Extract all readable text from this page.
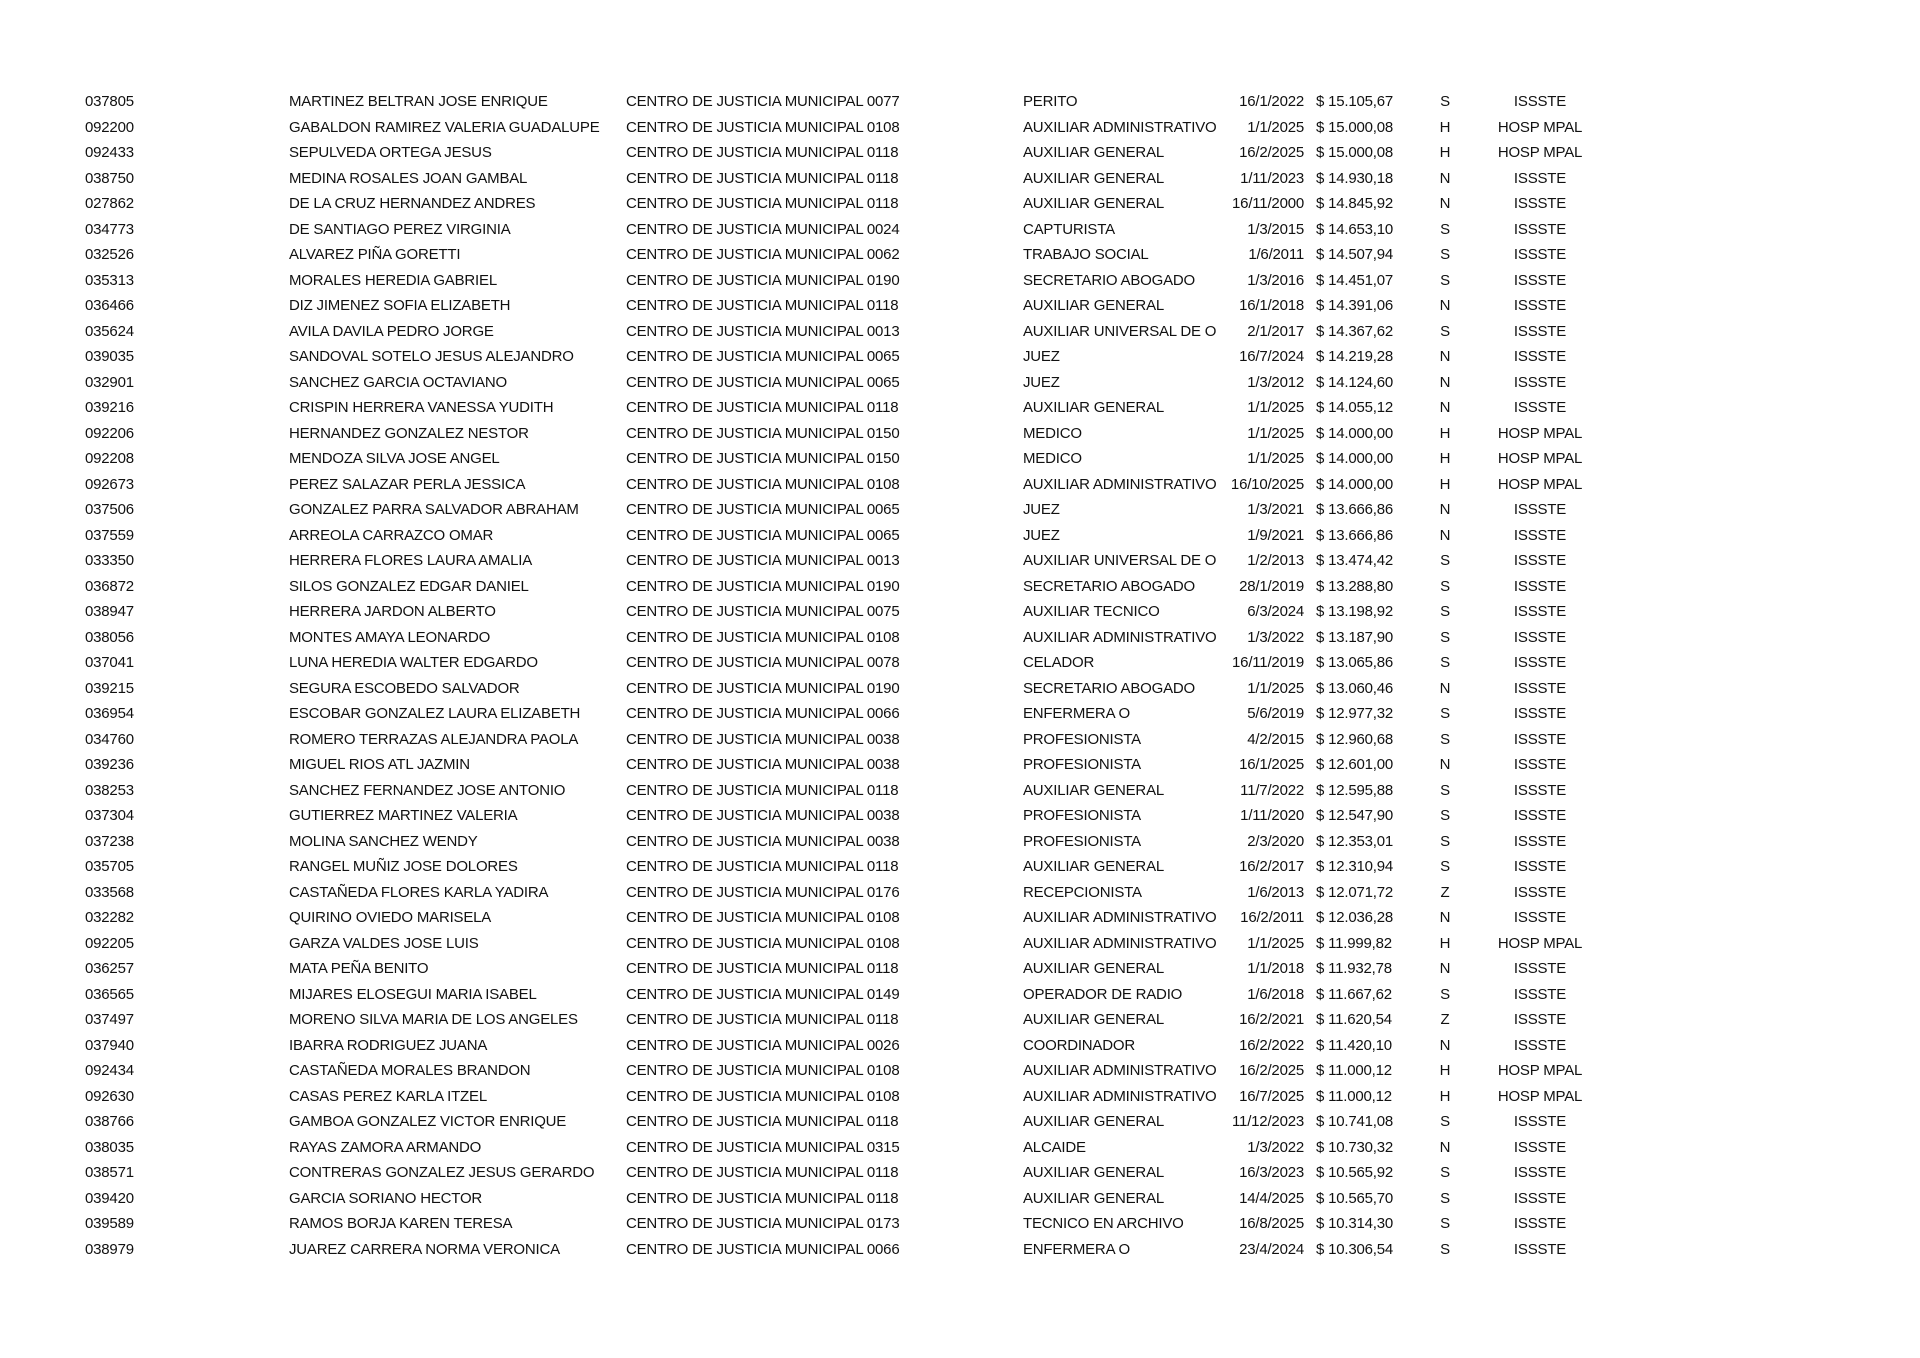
037805	MARTINEZ BELTRAN JOSE ENRIQUE	CENTRO DE JUSTICIA MUNICIPAL 0077	PERITO	16/1/2022 $ 15.105,67	S	ISSSTE
092200	GABALDON RAMIREZ VALERIA GUADALUPE CENTRO DE JUSTICIA MUNICIPAL 0108	AUXILIAR ADMINISTRATIVO	1/1/2025 $ 15.000,08	H	HOSP MPAL
092433	SEPULVEDA ORTEGA JESUS	CENTRO DE JUSTICIA MUNICIPAL 0118	AUXILIAR GENERAL	16/2/2025 $ 15.000,08	H	HOSP MPAL
038750	MEDINA ROSALES JOAN GAMBAL	CENTRO DE JUSTICIA MUNICIPAL 0118	AUXILIAR GENERAL	1/11/2023 $ 14.930,18	N	ISSSTE
027862	DE LA CRUZ HERNANDEZ ANDRES	CENTRO DE JUSTICIA MUNICIPAL 0118	AUXILIAR GENERAL	16/11/2000 $ 14.845,92	N	ISSSTE
034773	DE SANTIAGO PEREZ VIRGINIA	CENTRO DE JUSTICIA MUNICIPAL 0024	CAPTURISTA	1/3/2015 $ 14.653,10	S	ISSSTE
032526	ALVAREZ PIÑA GORETTI	CENTRO DE JUSTICIA MUNICIPAL 0062	TRABAJO SOCIAL	1/6/2011 $ 14.507,94	S	ISSSTE
035313	MORALES HEREDIA GABRIEL	CENTRO DE JUSTICIA MUNICIPAL 0190	SECRETARIO ABOGADO	1/3/2016 $ 14.451,07	S	ISSSTE
036466	DIZ JIMENEZ SOFIA ELIZABETH	CENTRO DE JUSTICIA MUNICIPAL 0118	AUXILIAR GENERAL	16/1/2018 $ 14.391,06	N	ISSSTE
035624	AVILA DAVILA PEDRO JORGE	CENTRO DE JUSTICIA MUNICIPAL 0013	AUXILIAR UNIVERSAL DE O	2/1/2017 $ 14.367,62	S	ISSSTE
039035	SANDOVAL SOTELO JESUS ALEJANDRO	CENTRO DE JUSTICIA MUNICIPAL 0065	JUEZ	16/7/2024 $ 14.219,28	N	ISSSTE
032901	SANCHEZ GARCIA OCTAVIANO	CENTRO DE JUSTICIA MUNICIPAL 0065	JUEZ	1/3/2012 $ 14.124,60	N	ISSSTE
039216	CRISPIN HERRERA VANESSA YUDITH	CENTRO DE JUSTICIA MUNICIPAL 0118	AUXILIAR GENERAL	1/1/2025 $ 14.055,12	N	ISSSTE
092206	HERNANDEZ GONZALEZ NESTOR	CENTRO DE JUSTICIA MUNICIPAL 0150	MEDICO	1/1/2025 $ 14.000,00	H	HOSP MPAL
092208	MENDOZA SILVA JOSE ANGEL	CENTRO DE JUSTICIA MUNICIPAL 0150	MEDICO	1/1/2025 $ 14.000,00	H	HOSP MPAL
092673	PEREZ SALAZAR PERLA JESSICA	CENTRO DE JUSTICIA MUNICIPAL 0108	AUXILIAR ADMINISTRATIVO 16/10/2025 $ 14.000,00	H	HOSP MPAL
037506	GONZALEZ PARRA SALVADOR ABRAHAM	CENTRO DE JUSTICIA MUNICIPAL 0065	JUEZ	1/3/2021 $ 13.666,86	N	ISSSTE
037559	ARREOLA CARRAZCO OMAR	CENTRO DE JUSTICIA MUNICIPAL 0065	JUEZ	1/9/2021 $ 13.666,86	N	ISSSTE
033350	HERRERA FLORES LAURA AMALIA	CENTRO DE JUSTICIA MUNICIPAL 0013	AUXILIAR UNIVERSAL DE O	1/2/2013 $ 13.474,42	S	ISSSTE
036872	SILOS GONZALEZ EDGAR DANIEL	CENTRO DE JUSTICIA MUNICIPAL 0190	SECRETARIO ABOGADO	28/1/2019 $ 13.288,80	S	ISSSTE
038947	HERRERA JARDON ALBERTO	CENTRO DE JUSTICIA MUNICIPAL 0075	AUXILIAR TECNICO	6/3/2024 $ 13.198,92	S	ISSSTE
038056	MONTES AMAYA LEONARDO	CENTRO DE JUSTICIA MUNICIPAL 0108	AUXILIAR ADMINISTRATIVO	1/3/2022 $ 13.187,90	S	ISSSTE
037041	LUNA HEREDIA WALTER EDGARDO	CENTRO DE JUSTICIA MUNICIPAL 0078	CELADOR	16/11/2019 $ 13.065,86	S	ISSSTE
039215	SEGURA ESCOBEDO SALVADOR	CENTRO DE JUSTICIA MUNICIPAL 0190	SECRETARIO ABOGADO	1/1/2025 $ 13.060,46	N	ISSSTE
036954	ESCOBAR GONZALEZ LAURA ELIZABETH	CENTRO DE JUSTICIA MUNICIPAL 0066	ENFERMERA O	5/6/2019 $ 12.977,32	S	ISSSTE
034760	ROMERO TERRAZAS ALEJANDRA PAOLA	CENTRO DE JUSTICIA MUNICIPAL 0038	PROFESIONISTA	4/2/2015 $ 12.960,68	S	ISSSTE
039236	MIGUEL RIOS ATL JAZMIN	CENTRO DE JUSTICIA MUNICIPAL 0038	PROFESIONISTA	16/1/2025 $ 12.601,00	N	ISSSTE
038253	SANCHEZ FERNANDEZ JOSE ANTONIO	CENTRO DE JUSTICIA MUNICIPAL 0118	AUXILIAR GENERAL	11/7/2022 $ 12.595,88	S	ISSSTE
037304	GUTIERREZ MARTINEZ VALERIA	CENTRO DE JUSTICIA MUNICIPAL 0038	PROFESIONISTA	1/11/2020 $ 12.547,90	S	ISSSTE
037238	MOLINA SANCHEZ WENDY	CENTRO DE JUSTICIA MUNICIPAL 0038	PROFESIONISTA	2/3/2020 $ 12.353,01	S	ISSSTE
035705	RANGEL MUÑIZ JOSE DOLORES	CENTRO DE JUSTICIA MUNICIPAL 0118	AUXILIAR GENERAL	16/2/2017 $ 12.310,94	S	ISSSTE
033568	CASTAÑEDA FLORES KARLA YADIRA	CENTRO DE JUSTICIA MUNICIPAL 0176	RECEPCIONISTA	1/6/2013 $ 12.071,72	Z	ISSSTE
032282	QUIRINO OVIEDO MARISELA	CENTRO DE JUSTICIA MUNICIPAL 0108	AUXILIAR ADMINISTRATIVO	16/2/2011 $ 12.036,28	N	ISSSTE
092205	GARZA VALDES JOSE LUIS	CENTRO DE JUSTICIA MUNICIPAL 0108	AUXILIAR ADMINISTRATIVO	1/1/2025 $ 11.999,82	H	HOSP MPAL
036257	MATA PEÑA BENITO	CENTRO DE JUSTICIA MUNICIPAL 0118	AUXILIAR GENERAL	1/1/2018 $ 11.932,78	N	ISSSTE
036565	MIJARES ELOSEGUI MARIA ISABEL	CENTRO DE JUSTICIA MUNICIPAL 0149	OPERADOR DE RADIO	1/6/2018 $ 11.667,62	S	ISSSTE
037497	MORENO SILVA MARIA DE LOS ANGELES	CENTRO DE JUSTICIA MUNICIPAL 0118	AUXILIAR GENERAL	16/2/2021 $ 11.620,54	Z	ISSSTE
037940	IBARRA RODRIGUEZ JUANA	CENTRO DE JUSTICIA MUNICIPAL 0026	COORDINADOR	16/2/2022 $ 11.420,10	N	ISSSTE
092434	CASTAÑEDA MORALES BRANDON	CENTRO DE JUSTICIA MUNICIPAL 0108	AUXILIAR ADMINISTRATIVO	16/2/2025 $ 11.000,12	H	HOSP MPAL
092630	CASAS PEREZ KARLA ITZEL	CENTRO DE JUSTICIA MUNICIPAL 0108	AUXILIAR ADMINISTRATIVO	16/7/2025 $ 11.000,12	H	HOSP MPAL
038766	GAMBOA GONZALEZ VICTOR ENRIQUE	CENTRO DE JUSTICIA MUNICIPAL 0118	AUXILIAR GENERAL	11/12/2023 $ 10.741,08	S	ISSSTE
038035	RAYAS ZAMORA ARMANDO	CENTRO DE JUSTICIA MUNICIPAL 0315	ALCAIDE	1/3/2022 $ 10.730,32	N	ISSSTE
038571	CONTRERAS GONZALEZ JESUS GERARDO	CENTRO DE JUSTICIA MUNICIPAL 0118	AUXILIAR GENERAL	16/3/2023 $ 10.565,92	S	ISSSTE
039420	GARCIA SORIANO HECTOR	CENTRO DE JUSTICIA MUNICIPAL 0118	AUXILIAR GENERAL	14/4/2025 $ 10.565,70	S	ISSSTE
039589	RAMOS BORJA KAREN TERESA	CENTRO DE JUSTICIA MUNICIPAL 0173	TECNICO EN ARCHIVO	16/8/2025 $ 10.314,30	S	ISSSTE
038979	JUAREZ CARRERA NORMA VERONICA	CENTRO DE JUSTICIA MUNICIPAL 0066	ENFERMERA O	23/4/2024 $ 10.306,54	S	ISSSTE
